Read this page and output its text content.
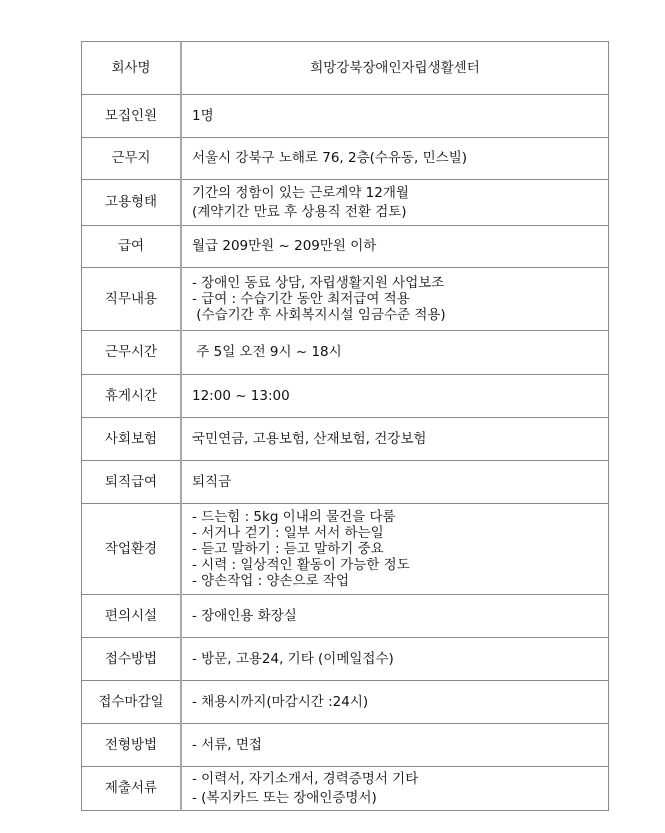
회사명	희망강북장애인자립생활센터

모집인원	1명

근무지	서울시 강북구 노해로 76, 2층(수유동, 민스빌)

고용형태	기간의 정함이 있는 근로계약 12개월
(계약기간 만료 후 상용직 전환 검토)

급여	월급 209만원 ~ 209만원 이하

직무내용	- 장애인 동료 상담, 자립생활지원 사업보조
- 급여 : 수습기간 동안 최저급여 적용
(수습기간 후 사회복지시설 임금수준 적용)

근무시간	주 5일 오전 9시 ~ 18시

휴게시간	12:00 ~ 13:00

사회보험	국민연금, 고용보험, 산재보험, 건강보험

퇴직급여	퇴직금

작업환경	- 드는힘 : 5kg 이내의 물건을 다룸
- 서거나 걷기 : 일부 서서 하는일
- 듣고 말하기 : 듣고 말하기 중요
- 시력 : 일상적인 활동이 가능한 정도
- 양손작업 : 양손으로 작업

편의시설	- 장애인용 화장실

접수방법	- 방문, 고용24, 기타 (이메일접수)

접수마감일	- 채용시까지(마감시간 :24시)

전형방법	- 서류, 면접

제출서류	- 이력서, 자기소개서, 경력증명서 기타
- (복지카드 또는 장애인증명서)
